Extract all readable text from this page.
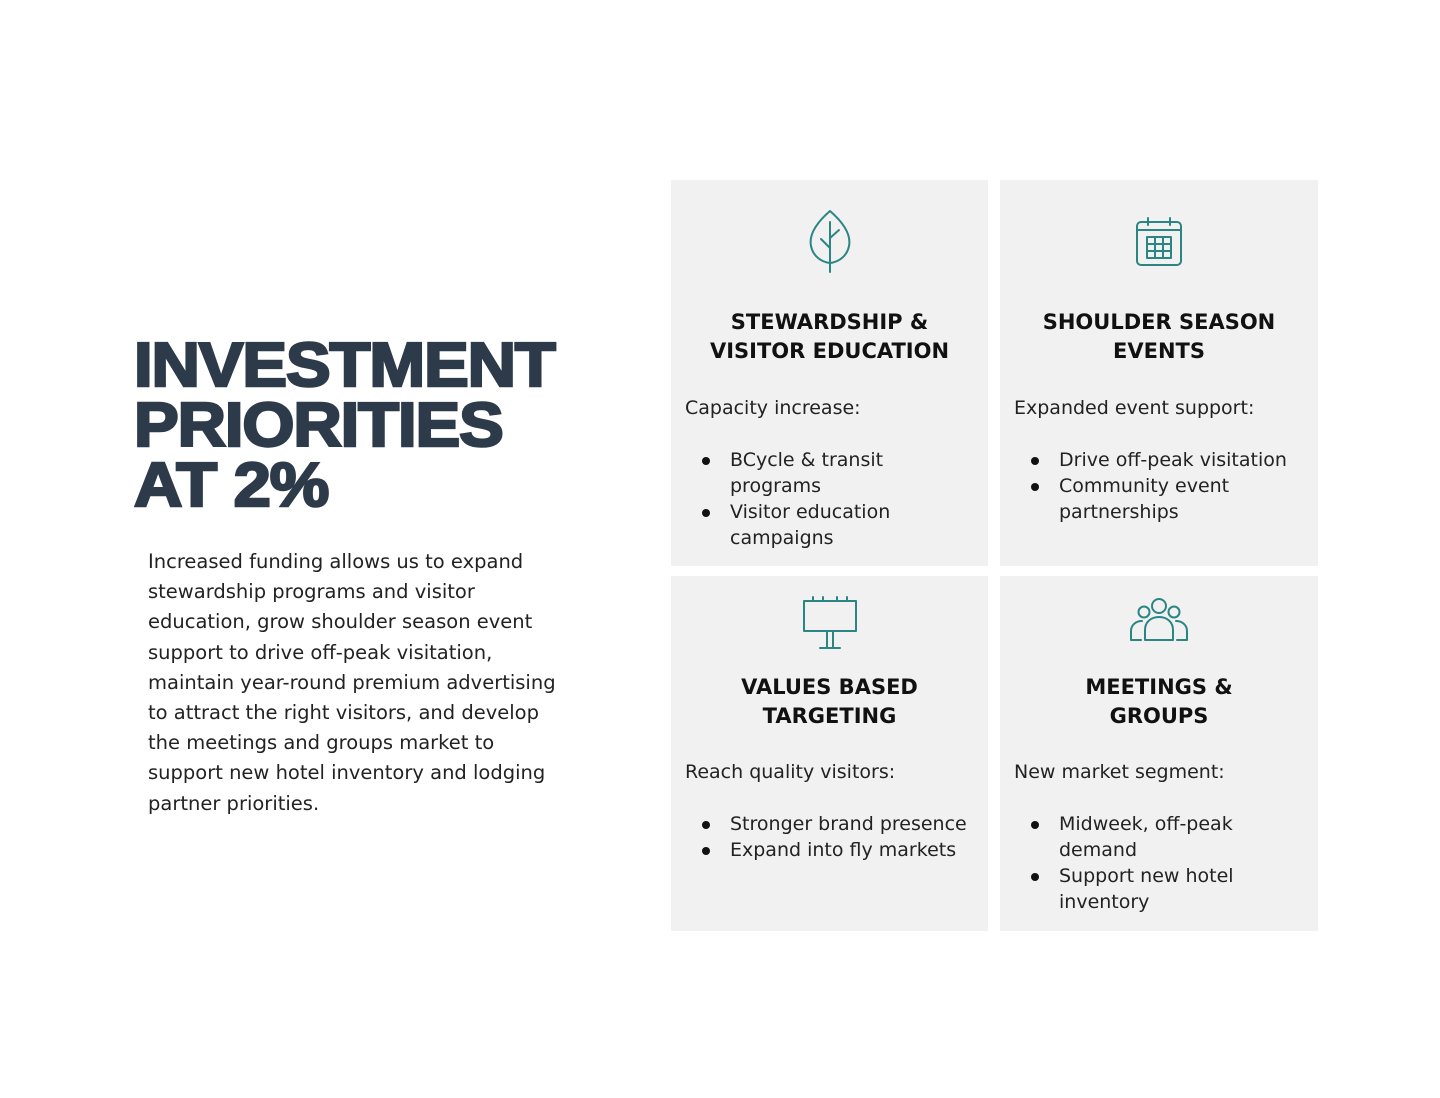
INVESTMENT
PRIORITIES
AT 2%

Increased funding allows us to expand stewardship programs and visitor education, grow shoulder season event support to drive off-peak visitation, maintain year-round premium advertising to attract the right visitors, and develop the meetings and groups market to support new hotel inventory and lodging partner priorities.

STEWARDSHIP &
VISITOR EDUCATION

Capacity increase:

BCycle & transit programs
Visitor education campaigns
SHOULDER SEASON
EVENTS

Expanded event support:

Drive off-peak visitation
Community event partnerships
VALUES BASED
TARGETING

Reach quality visitors:

Stronger brand presence
Expand into fly markets
MEETINGS &
GROUPS

New market segment:

Midweek, off-peak demand
Support new hotel inventory
